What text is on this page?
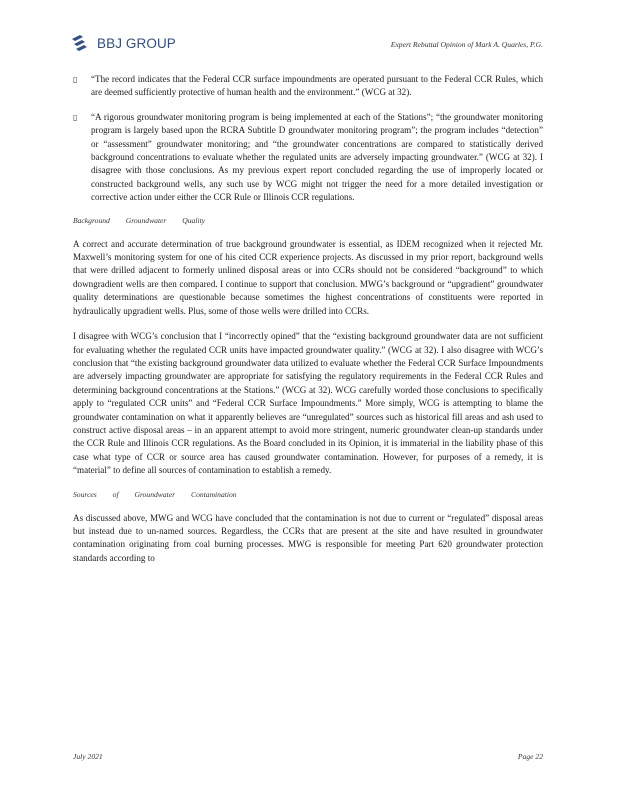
BBJ GROUP	Expert Rebuttal Opinion of Mark A. Quarles, P.G.
▯	“The record indicates that the Federal CCR surface impoundments are operated pursuant to the Federal CCR Rules, which are deemed sufficiently protective of human health and the environment.” (WCG at 32).

▯	“A rigorous groundwater monitoring program is being implemented at each of the Stations”; “the groundwater monitoring program is largely based upon the RCRA Subtitle D groundwater monitoring program”; the program includes “detection” or “assessment” groundwater monitoring; and “the groundwater concentrations are compared to statistically derived background concentrations to evaluate whether the regulated units are adversely impacting groundwater.” (WCG at 32). I disagree with those conclusions. As my previous expert report concluded regarding the use of improperly located or constructed background wells, any such use by WCG might not trigger the need for a more detailed investigation or corrective action under either the CCR Rule or Illinois CCR regulations.

Background Groundwater Quality

A correct and accurate determination of true background groundwater is essential, as IDEM recognized when it rejected Mr. Maxwell’s monitoring system for one of his cited CCR experience projects. As discussed in my prior report, background wells that were drilled adjacent to formerly unlined disposal areas or into CCRs should not be considered “background” to which downgradient wells are then compared. I continue to support that conclusion. MWG’s background or “upgradient” groundwater quality determinations are questionable because sometimes the highest concentrations of constituents were reported in hydraulically upgradient wells. Plus, some of those wells were drilled into CCRs.

I disagree with WCG’s conclusion that I “incorrectly opined” that the “existing background groundwater data are not sufficient for evaluating whether the regulated CCR units have impacted groundwater quality.” (WCG at 32). I also disagree with WCG’s conclusion that “the existing background groundwater data utilized to evaluate whether the Federal CCR Surface Impoundments are adversely impacting groundwater are appropriate for satisfying the regulatory requirements in the Federal CCR Rules and determining background concentrations at the Stations.” (WCG at 32). WCG carefully worded those conclusions to specifically apply to “regulated CCR units” and “Federal CCR Surface Impoundments.” More simply, WCG is attempting to blame the groundwater contamination on what it apparently believes are “unregulated” sources such as historical fill areas and ash used to construct active disposal areas – in an apparent attempt to avoid more stringent, numeric groundwater clean-up standards under the CCR Rule and Illinois CCR regulations. As the Board concluded in its Opinion, it is immaterial in the liability phase of this case what type of CCR or source area has caused groundwater contamination. However, for purposes of a remedy, it is “material” to define all sources of contamination to establish a remedy.

Sources of Groundwater Contamination

As discussed above, MWG and WCG have concluded that the contamination is not due to current or “regulated” disposal areas but instead due to un-named sources. Regardless, the CCRs that are present at the site and have resulted in groundwater contamination originating from coal burning processes. MWG is responsible for meeting Part 620 groundwater protection standards according to

July 2021	Page 22
